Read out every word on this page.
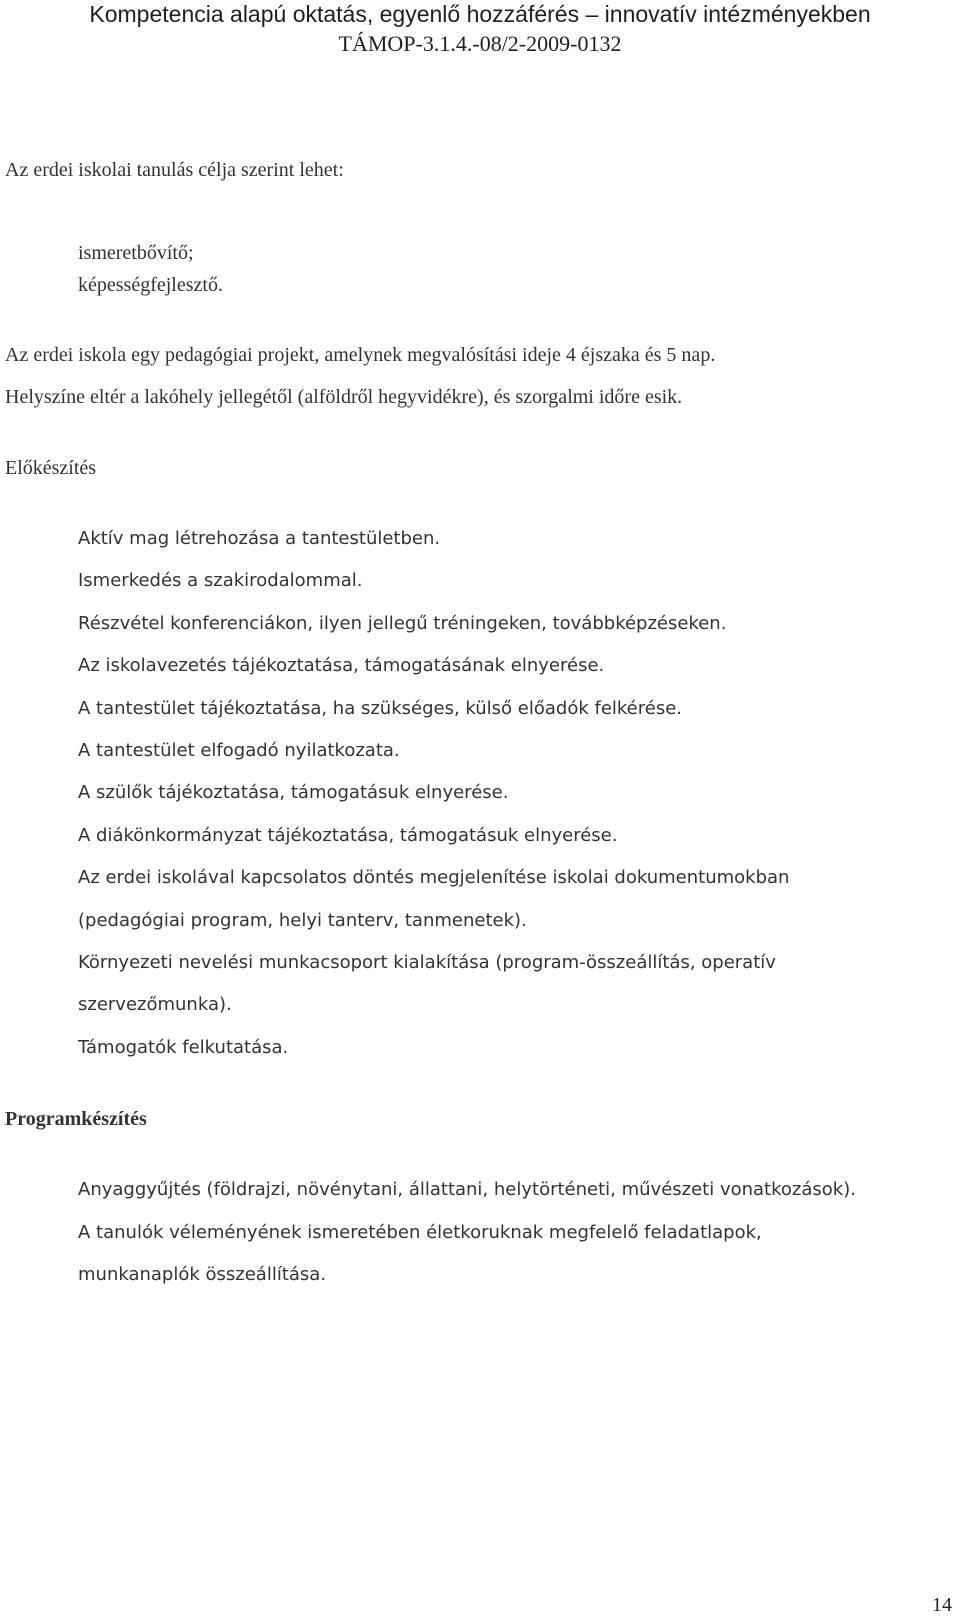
Kompetencia alapú oktatás, egyenlő hozzáférés – innovatív intézményekben
TÁMOP-3.1.4.-08/2-2009-0132
Az erdei iskolai tanulás célja szerint lehet:
ismeretbővítő;
képességfejlesztő.
Az erdei iskola egy pedagógiai projekt, amelynek megvalósítási ideje 4 éjszaka és 5 nap.
Helyszíne eltér a lakóhely jellegétől (alföldről hegyvidékre), és szorgalmi időre esik.
Előkészítés
Aktív mag létrehozása a tantestületben.
Ismerkedés a szakirodalommal.
Részvétel konferenciákon, ilyen jellegű tréningeken, továbbképzéseken.
Az iskolavezetés tájékoztatása, támogatásának elnyerése.
A tantestület tájékoztatása, ha szükséges, külső előadók felkérése.
A tantestület elfogadó nyilatkozata.
A szülők tájékoztatása, támogatásuk elnyerése.
A diákönkormányzat tájékoztatása, támogatásuk elnyerése.
Az erdei iskolával kapcsolatos döntés megjelenítése iskolai dokumentumokban
(pedagógiai program, helyi tanterv, tanmenetek).
Környezeti nevelési munkacsoport kialakítása (program-összeállítás, operatív
szervezőmunka).
Támogatók felkutatása.
Programkészítés
Anyaggyűjtés (földrajzi, növénytani, állattani, helytörténeti, művészeti vonatkozások).
A tanulók véleményének ismeretében életkoruknak megfelelő feladatlapok,
munkanaplók összeállítása.
14
